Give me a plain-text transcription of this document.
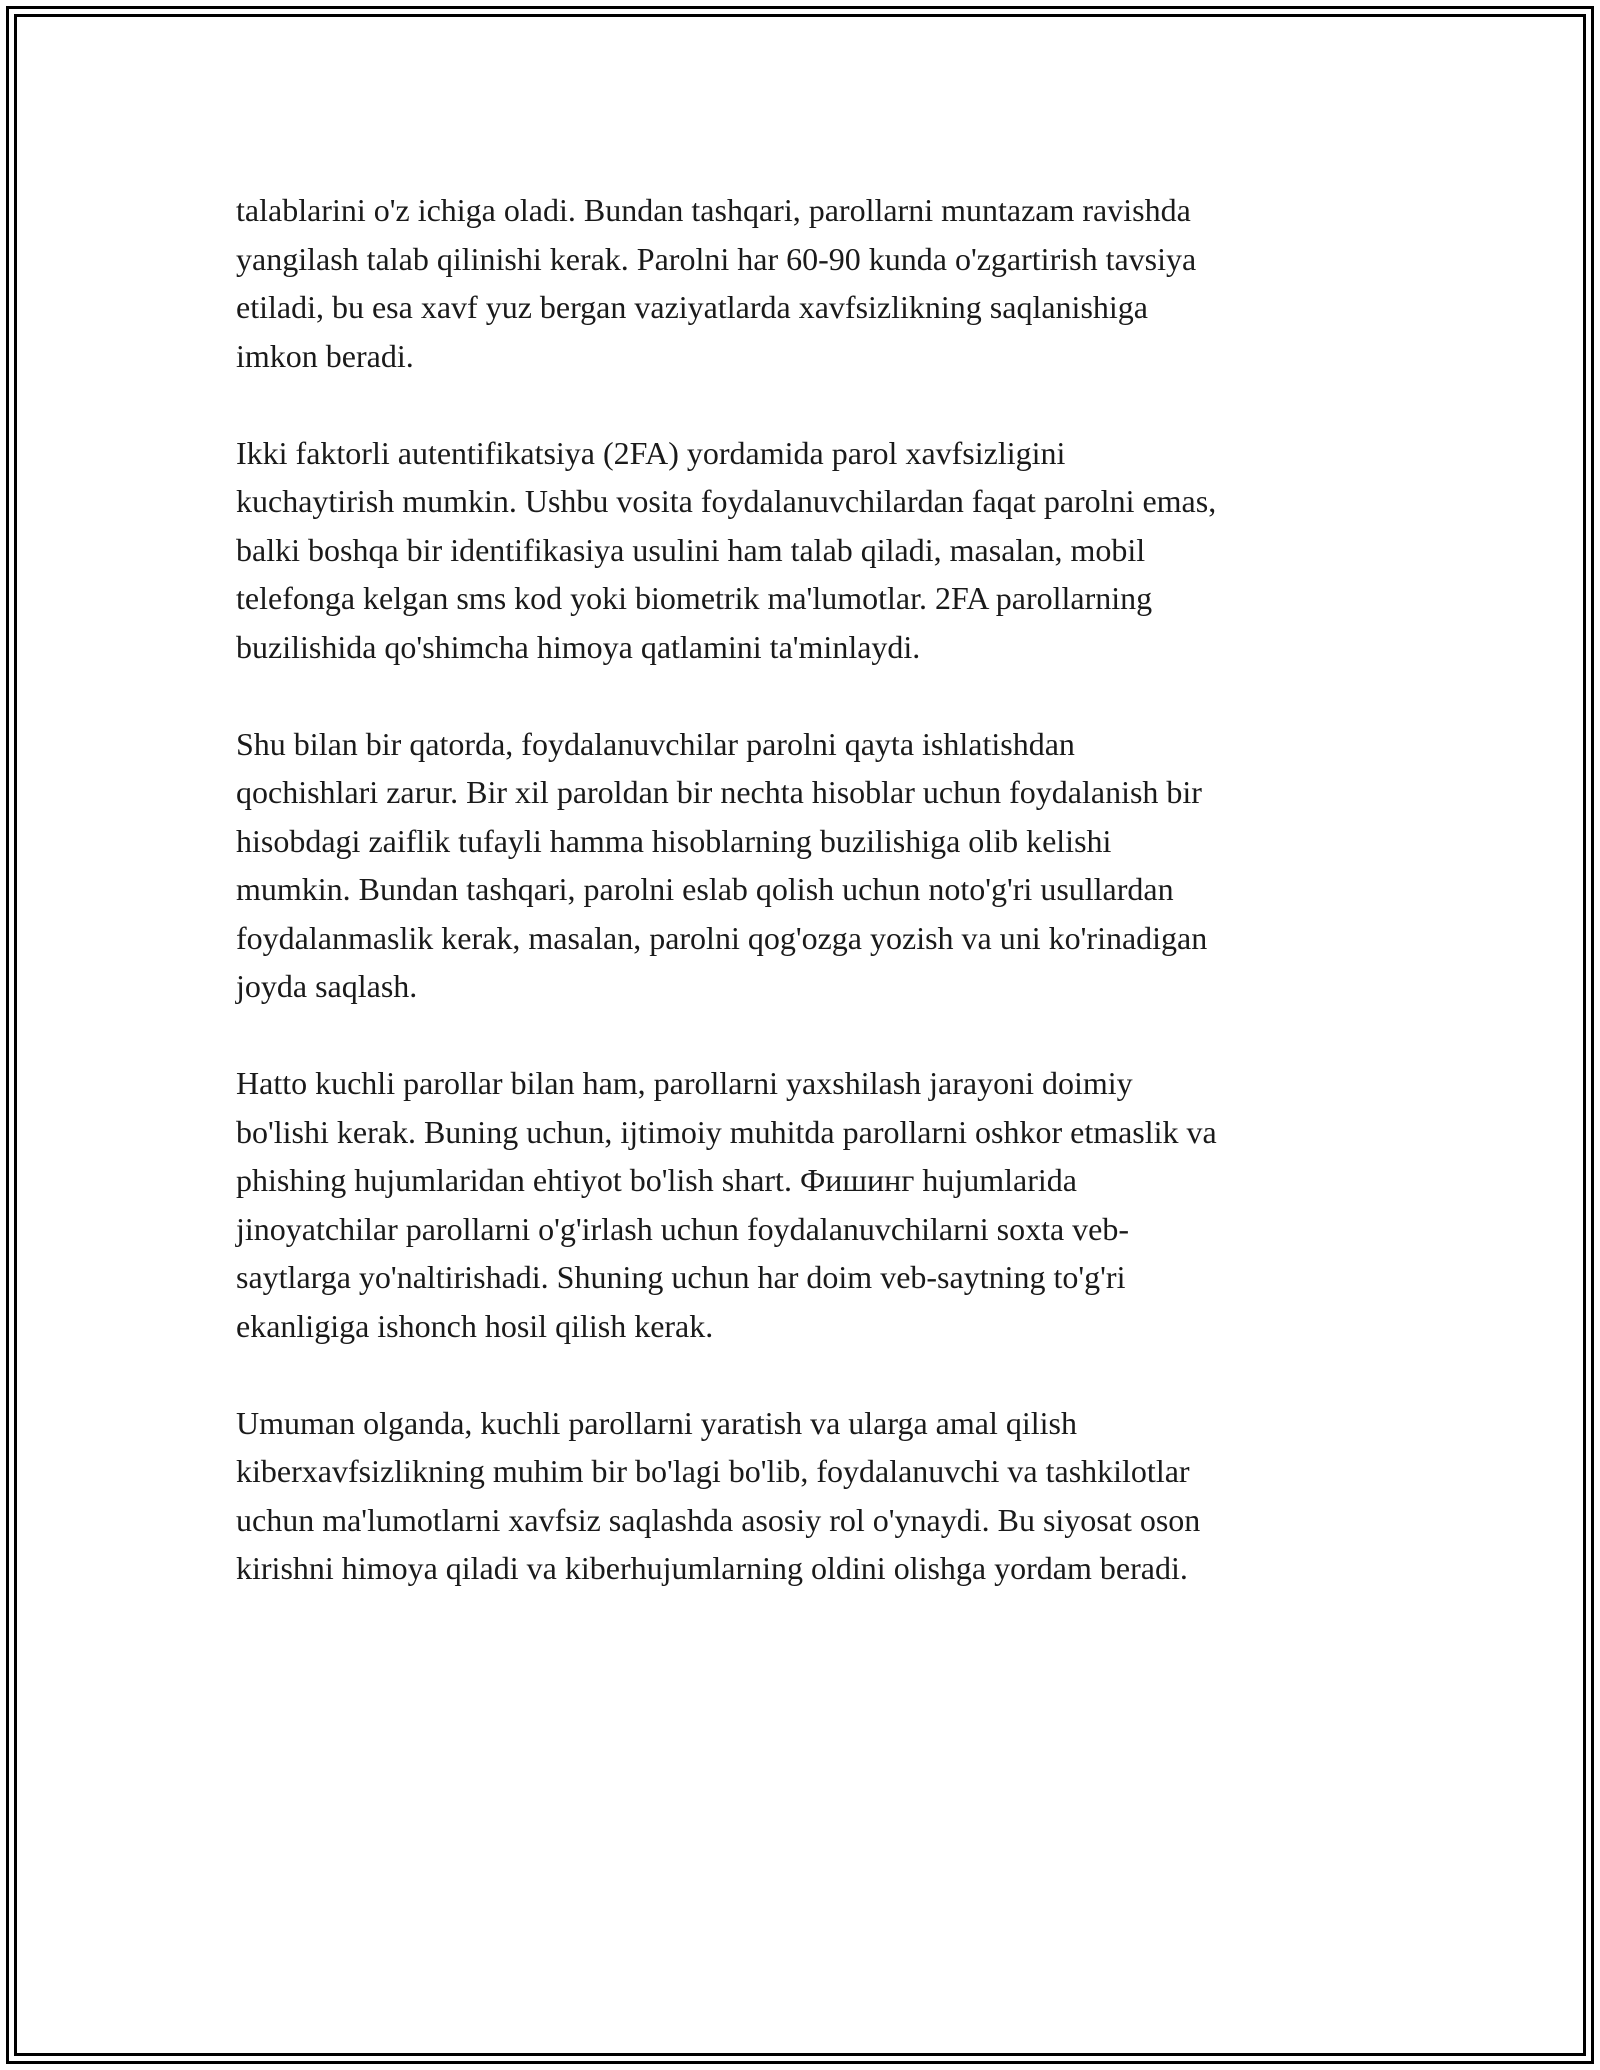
talablarini o'z ichiga oladi. Bundan tashqari, parollarni muntazam ravishda
yangilash talab qilinishi kerak. Parolni har 60-90 kunda o'zgartirish tavsiya
etiladi, bu esa xavf yuz bergan vaziyatlarda xavfsizlikning saqlanishiga
imkon beradi.

Ikki faktorli autentifikatsiya (2FA) yordamida parol xavfsizligini
kuchaytirish mumkin. Ushbu vosita foydalanuvchilardan faqat parolni emas,
balki boshqa bir identifikasiya usulini ham talab qiladi, masalan, mobil
telefonga kelgan sms kod yoki biometrik ma'lumotlar. 2FA parollarning
buzilishida qo'shimcha himoya qatlamini ta'minlaydi.

Shu bilan bir qatorda, foydalanuvchilar parolni qayta ishlatishdan
qochishlari zarur. Bir xil paroldan bir nechta hisoblar uchun foydalanish bir
hisobdagi zaiflik tufayli hamma hisoblarning buzilishiga olib kelishi
mumkin. Bundan tashqari, parolni eslab qolish uchun noto'g'ri usullardan
foydalanmaslik kerak, masalan, parolni qog'ozga yozish va uni ko'rinadigan
joyda saqlash.

Hatto kuchli parollar bilan ham, parollarni yaxshilash jarayoni doimiy
bo'lishi kerak. Buning uchun, ijtimoiy muhitda parollarni oshkor etmaslik va
phishing hujumlaridan ehtiyot bo'lish shart. Фишинг hujumlarida
jinoyatchilar parollarni o'g'irlash uchun foydalanuvchilarni soxta veb-
saytlarga yo'naltirishadi. Shuning uchun har doim veb-saytning to'g'ri
ekanligiga ishonch hosil qilish kerak.

Umuman olganda, kuchli parollarni yaratish va ularga amal qilish
kiberxavfsizlikning muhim bir bo'lagi bo'lib, foydalanuvchi va tashkilotlar
uchun ma'lumotlarni xavfsiz saqlashda asosiy rol o'ynaydi. Bu siyosat oson
kirishni himoya qiladi va kiberhujumlarning oldini olishga yordam beradi.
